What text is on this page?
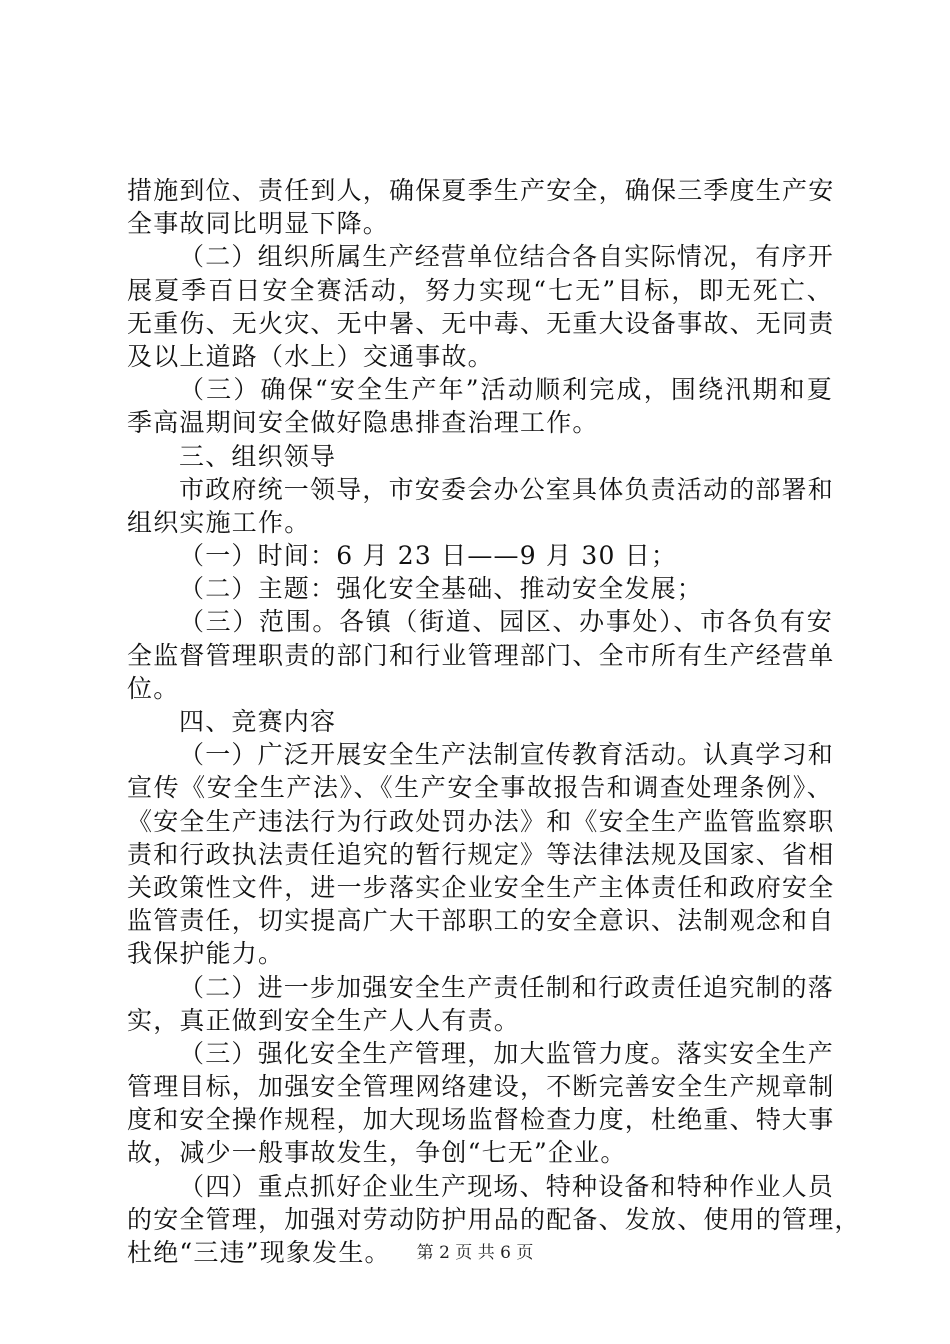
措施到位、责任到人，确保夏季生产安全，确保三季度生产安
全事故同比明显下降。
（二）组织所属生产经营单位结合各自实际情况，有序开
展夏季百日安全赛活动，努力实现“七无”目标，即无死亡、
无重伤、无火灾、无中暑、无中毒、无重大设备事故、无同责
及以上道路（水上）交通事故。
（三）确保“安全生产年”活动顺利完成，围绕汛期和夏
季高温期间安全做好隐患排查治理工作。
三、组织领导
市政府统一领导，市安委会办公室具体负责活动的部署和
组织实施工作。
（一）时间：6 月 23 日——9 月 30 日；
（二）主题：强化安全基础、推动安全发展；
（三）范围。各镇（街道、园区、办事处）、市各负有安
全监督管理职责的部门和行业管理部门、全市所有生产经营单
位。
四、竞赛内容
（一）广泛开展安全生产法制宣传教育活动。认真学习和
宣传《安全生产法》、《生产安全事故报告和调查处理条例》、
《安全生产违法行为行政处罚办法》和《安全生产监管监察职
责和行政执法责任追究的暂行规定》等法律法规及国家、省相
关政策性文件，进一步落实企业安全生产主体责任和政府安全
监管责任，切实提高广大干部职工的安全意识、法制观念和自
我保护能力。
（二）进一步加强安全生产责任制和行政责任追究制的落
实，真正做到安全生产人人有责。
（三）强化安全生产管理，加大监管力度。落实安全生产
管理目标，加强安全管理网络建设，不断完善安全生产规章制
度和安全操作规程，加大现场监督检查力度，杜绝重、特大事
故，减少一般事故发生，争创“七无”企业。
（四）重点抓好企业生产现场、特种设备和特种作业人员
的安全管理，加强对劳动防护用品的配备、发放、使用的管理，
杜绝“三违”现象发生。	第 2 页 共 6 页
